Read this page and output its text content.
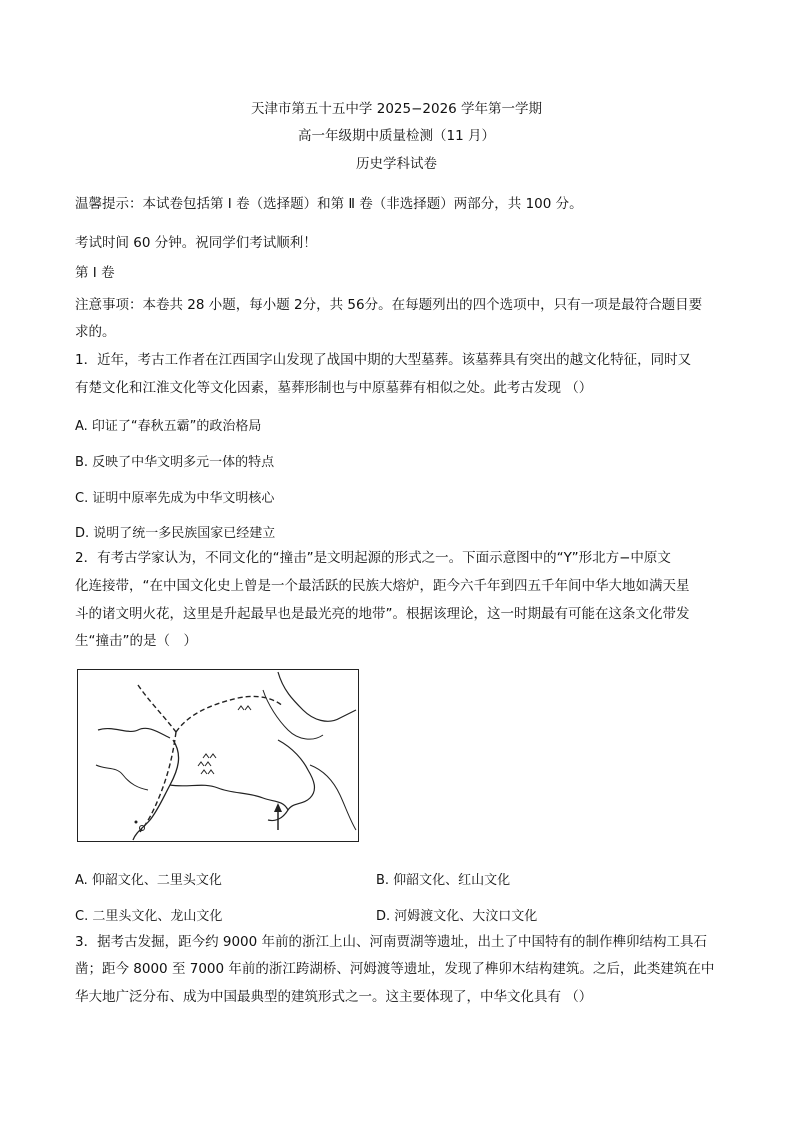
天津市第五十五中学 2025−2026 学年第一学期
高一年级期中质量检测（11 月）
历史学科试卷
温馨提示：本试卷包括第 Ⅰ 卷（选择题）和第 Ⅱ 卷（非选择题）两部分，共 100 分。
考试时间 60 分钟。祝同学们考试顺利！
第 Ⅰ 卷
注意事项：本卷共 28 小题，每小题 2分，共 56分。在每题列出的四个选项中，只有一项是最符合题目要
求的。
1．近年，考古工作者在江西国字山发现了战国中期的大型墓葬。该墓葬具有突出的越文化特征，同时又
有楚文化和江淮文化等文化因素，墓葬形制也与中原墓葬有相似之处。此考古发现 （）
A. 印证了“春秋五霸”的政治格局
B. 反映了中华文明多元一体的特点
C. 证明中原率先成为中华文明核心
D. 说明了统一多民族国家已经建立
2．有考古学家认为，不同文化的“撞击”是文明起源的形式之一。下面示意图中的“Y”形北方−中原文
化连接带，“在中国文化史上曾是一个最活跃的民族大熔炉，距今六千年到四五千年间中华大地如满天星
斗的诸文明火花，这里是升起最早也是最光亮的地带”。根据该理论，这一时期最有可能在这条文化带发
生“撞击”的是（　）
A. 仰韶文化、二里头文化	B. 仰韶文化、红山文化
C. 二里头文化、龙山文化	D. 河姆渡文化、大汶口文化
3．据考古发掘，距今约 9000 年前的浙江上山、河南贾湖等遗址，出土了中国特有的制作榫卯结构工具石
凿；距今 8000 至 7000 年前的浙江跨湖桥、河姆渡等遗址，发现了榫卯木结构建筑。之后，此类建筑在中
华大地广泛分布、成为中国最典型的建筑形式之一。这主要体现了，中华文化具有 （）
